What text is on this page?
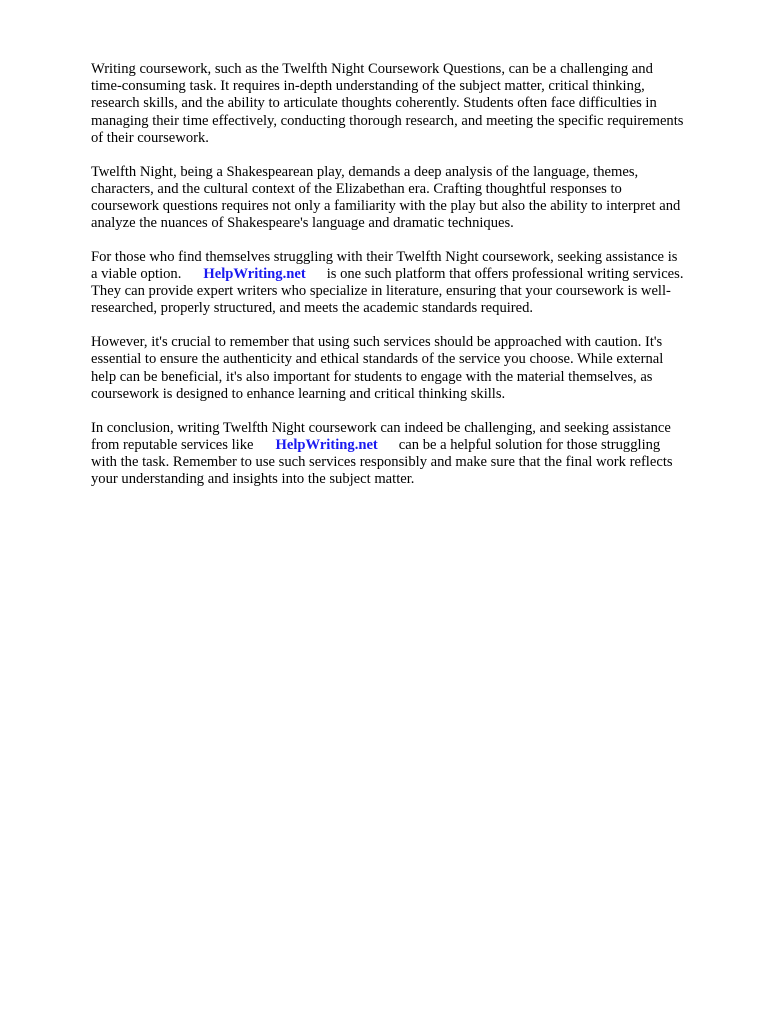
Writing coursework, such as the Twelfth Night Coursework Questions, can be a challenging and
time-consuming task. It requires in-depth understanding of the subject matter, critical thinking,
research skills, and the ability to articulate thoughts coherently. Students often face difficulties in
managing their time effectively, conducting thorough research, and meeting the specific requirements
of their coursework.

Twelfth Night, being a Shakespearean play, demands a deep analysis of the language, themes,
characters, and the cultural context of the Elizabethan era. Crafting thoughtful responses to
coursework questions requires not only a familiarity with the play but also the ability to interpret and
analyze the nuances of Shakespeare's language and dramatic techniques.

For those who find themselves struggling with their Twelfth Night coursework, seeking assistance is
a viable option. HelpWriting.net is one such platform that offers professional writing services.
They can provide expert writers who specialize in literature, ensuring that your coursework is well-
researched, properly structured, and meets the academic standards required.

However, it's crucial to remember that using such services should be approached with caution. It's
essential to ensure the authenticity and ethical standards of the service you choose. While external
help can be beneficial, it's also important for students to engage with the material themselves, as
coursework is designed to enhance learning and critical thinking skills.

In conclusion, writing Twelfth Night coursework can indeed be challenging, and seeking assistance
from reputable services like HelpWriting.net can be a helpful solution for those struggling
with the task. Remember to use such services responsibly and make sure that the final work reflects
your understanding and insights into the subject matter.
